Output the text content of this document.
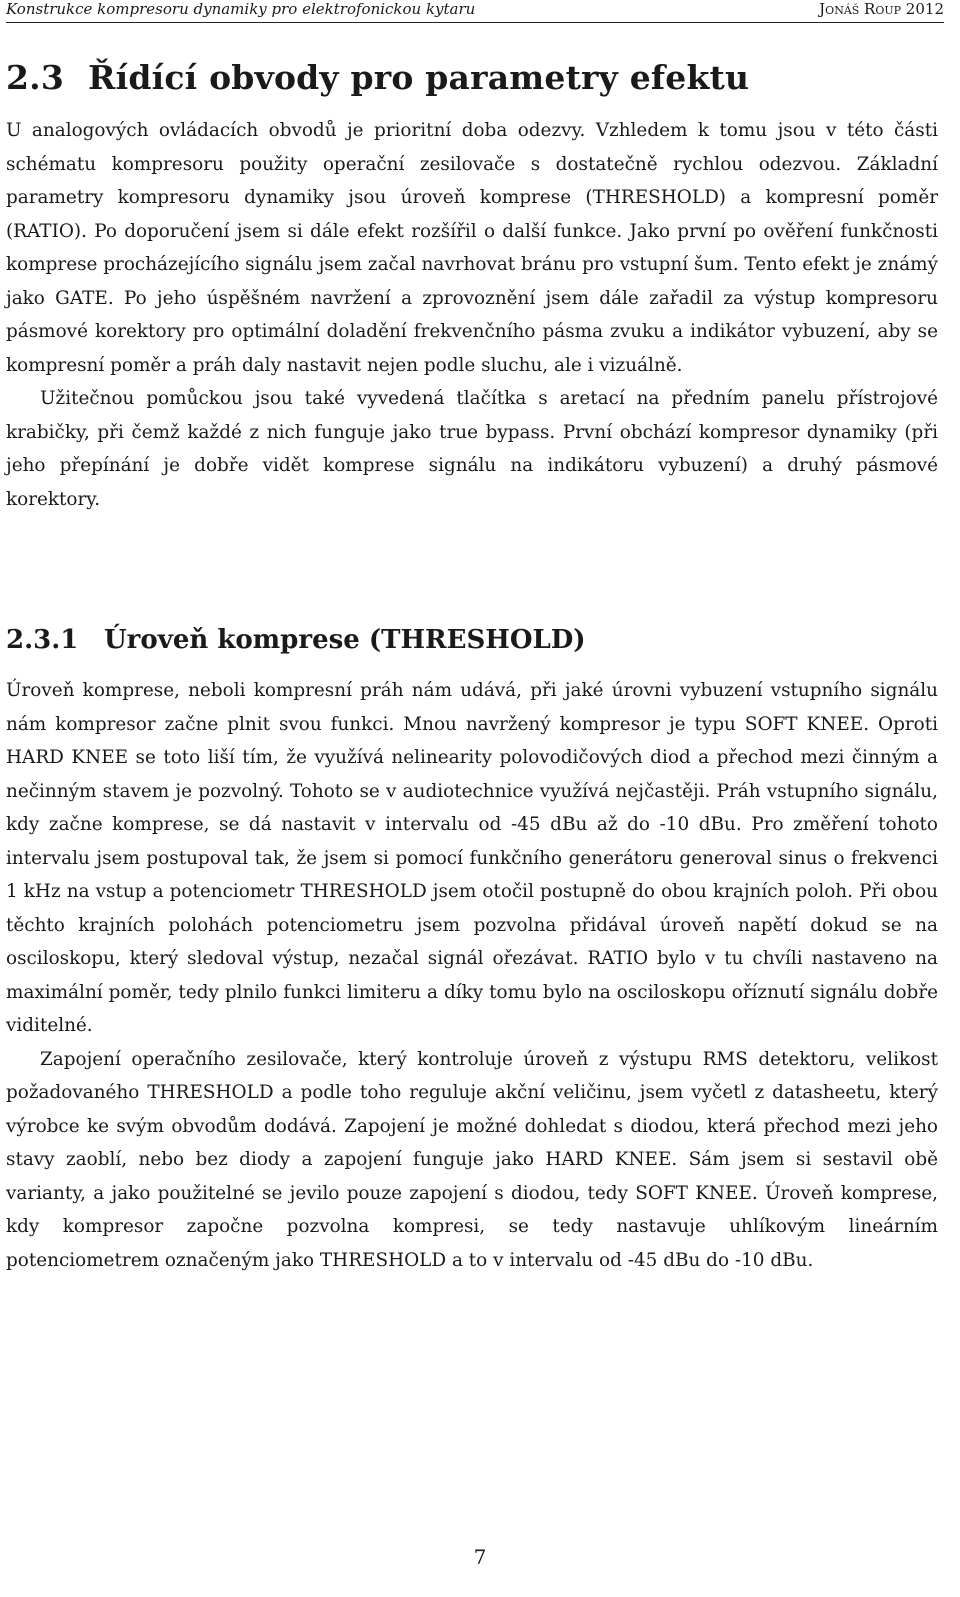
Konstrukce kompresoru dynamiky pro elektrofonickou kytaru	Jonáš Roup 2012
2.3 Řídící obvody pro parametry efektu

U analogových ovládacích obvodů je prioritní doba odezvy. Vzhledem k tomu jsou v této části schématu kompresoru použity operační zesilovače s dostatečně rychlou odezvou. Základní parametry kompresoru dynamiky jsou úroveň komprese (THRESHOLD) a kompresní poměr (RATIO). Po doporučení jsem si dále efekt rozšířil o další funkce. Jako první po ověření funkčnosti komprese procházejícího signálu jsem začal navrhovat bránu pro vstupní šum. Tento efekt je známý jako GATE. Po jeho úspěšném navržení a zprovoznění jsem dále zařadil za výstup kompresoru pásmové korektory pro optimální doladění frekvenčního pásma zvuku a indikátor vybuzení, aby se kompresní poměr a práh daly nastavit nejen podle sluchu, ale i vizuálně.

Užitečnou pomůckou jsou také vyvedená tlačítka s aretací na předním panelu přístrojové krabičky, při čemž každé z nich funguje jako true bypass. První obchází kompresor dynamiky (při jeho přepínání je dobře vidět komprese signálu na indikátoru vybuzení) a druhý pásmové korektory.

2.3.1 Úroveň komprese (THRESHOLD)

Úroveň komprese, neboli kompresní práh nám udává, při jaké úrovni vybuzení vstupního signálu nám kompresor začne plnit svou funkci. Mnou navržený kompresor je typu SOFT KNEE. Oproti HARD KNEE se toto liší tím, že využívá nelinearity polovodičových diod a přechod mezi činným a nečinným stavem je pozvolný. Tohoto se v audiotechnice využívá nejčastěji. Práh vstupního signálu, kdy začne komprese, se dá nastavit v intervalu od -45 dBu až do -10 dBu. Pro změření tohoto intervalu jsem postupoval tak, že jsem si pomocí funkčního generátoru generoval sinus o frekvenci 1 kHz na vstup a potenciometr THRESHOLD jsem otočil postupně do obou krajních poloh. Při obou těchto krajních polohách potenciometru jsem pozvolna přidával úroveň napětí dokud se na osciloskopu, který sledoval výstup, nezačal signál ořezávat. RATIO bylo v tu chvíli nastaveno na maximální poměr, tedy plnilo funkci limiteru a díky tomu bylo na osciloskopu oříznutí signálu dobře viditelné.

Zapojení operačního zesilovače, který kontroluje úroveň z výstupu RMS detektoru, velikost požadovaného THRESHOLD a podle toho reguluje akční veličinu, jsem vyčetl z datasheetu, který výrobce ke svým obvodům dodává. Zapojení je možné dohledat s diodou, která přechod mezi jeho stavy zaoblí, nebo bez diody a zapojení funguje jako HARD KNEE. Sám jsem si sestavil obě varianty, a jako použitelné se jevilo pouze zapojení s diodou, tedy SOFT KNEE. Úroveň komprese, kdy kompresor započne pozvolna kompresi, se tedy nastavuje uhlíkovým lineárním potenciometrem označeným jako THRESHOLD a to v intervalu od -45 dBu do -10 dBu.

7
